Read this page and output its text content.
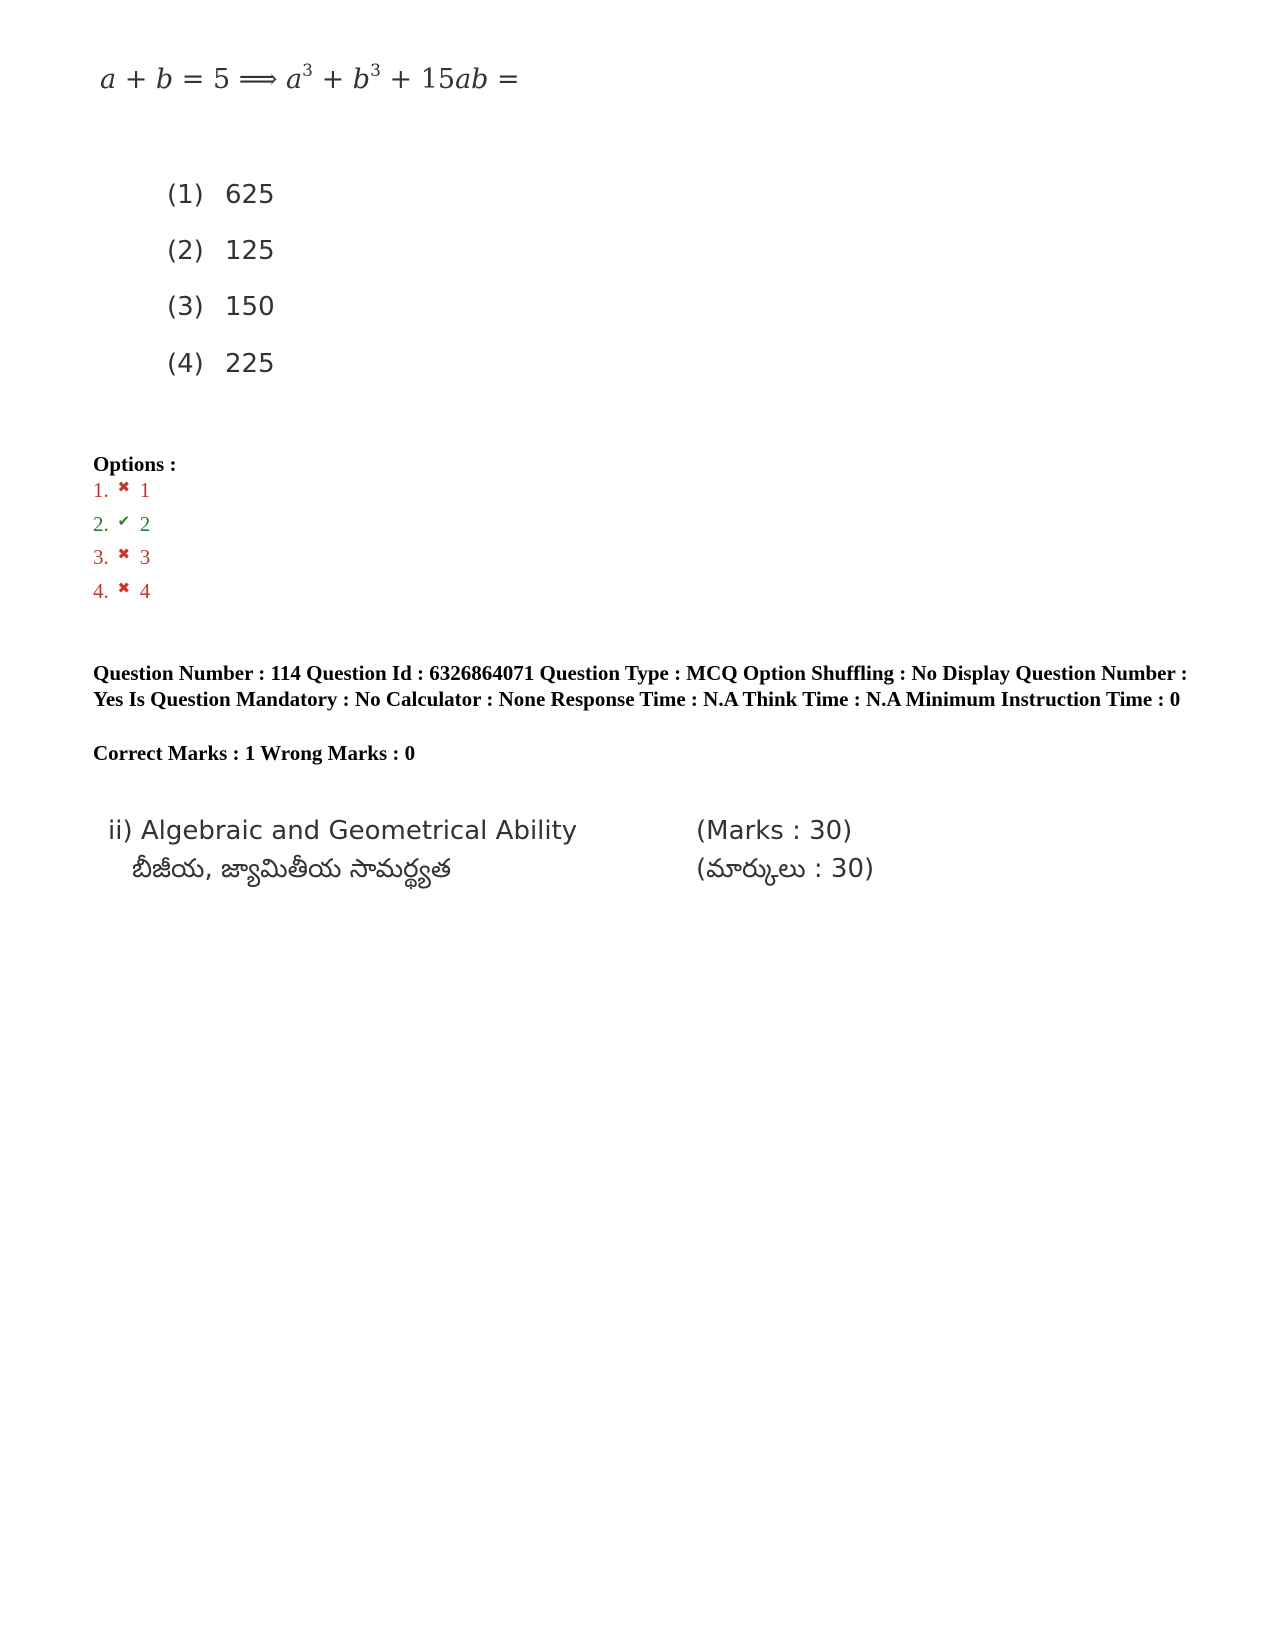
a + b = 5 ⟹ $a^3 + b^3 + 15ab$ =
(1) 625
(2) 125
(3) 150
(4) 225
Options :
1. ✖ 1
2. ✔ 2
3. ✖ 3
4. ✖ 4
Question Number : 114 Question Id : 6326864071 Question Type : MCQ Option Shuffling : No Display Question Number : Yes Is Question Mandatory : No Calculator : None Response Time : N.A Think Time : N.A Minimum Instruction Time : 0
Correct Marks : 1 Wrong Marks : 0
ii) Algebraic and Geometrical Ability
బీజీయ, జ్యామితీయ సామర్థ్యత
(Marks : 30)
(మార్కులు : 30)
